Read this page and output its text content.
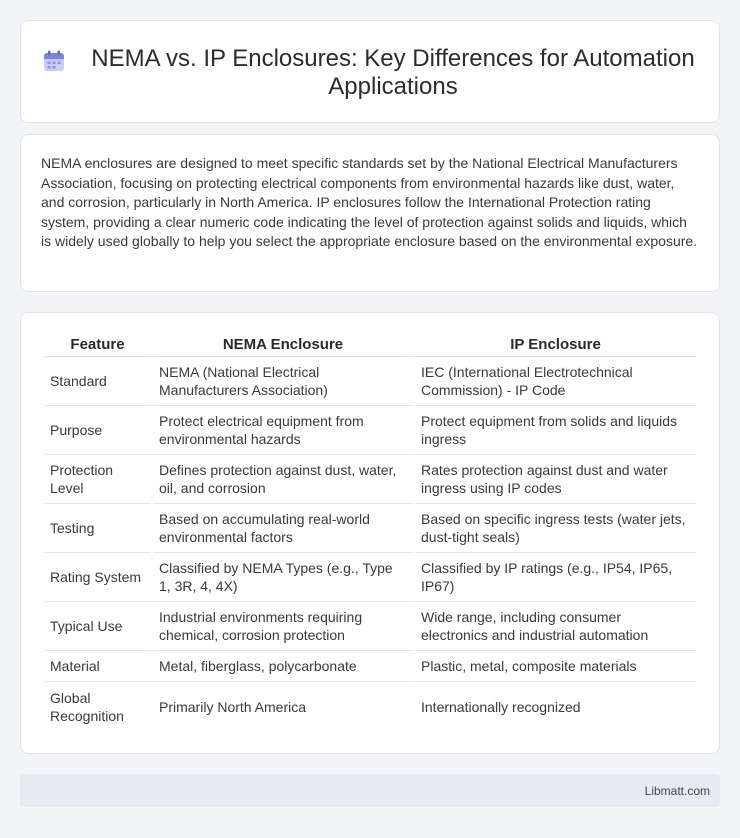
NEMA vs. IP Enclosures: Key Differences for Automation Applications

NEMA enclosures are designed to meet specific standards set by the National Electrical Manufacturers Association, focusing on protecting electrical components from environmental hazards like dust, water, and corrosion, particularly in North America. IP enclosures follow the International Protection rating system, providing a clear numeric code indicating the level of protection against solids and liquids, which is widely used globally to help you select the appropriate enclosure based on the environmental exposure.

Feature	NEMA Enclosure	IP Enclosure
Standard	NEMA (National Electrical Manufacturers Association)	IEC (International Electrotechnical Commission) - IP Code
Purpose	Protect electrical equipment from environmental hazards	Protect equipment from solids and liquids ingress
Protection Level	Defines protection against dust, water, oil, and corrosion	Rates protection against dust and water ingress using IP codes
Testing	Based on accumulating real-world environmental factors	Based on specific ingress tests (water jets, dust-tight seals)
Rating System	Classified by NEMA Types (e.g., Type 1, 3R, 4, 4X)	Classified by IP ratings (e.g., IP54, IP65, IP67)
Typical Use	Industrial environments requiring chemical, corrosion protection	Wide range, including consumer electronics and industrial automation
Material	Metal, fiberglass, polycarbonate	Plastic, metal, composite materials
Global Recognition	Primarily North America	Internationally recognized
Libmatt.com
